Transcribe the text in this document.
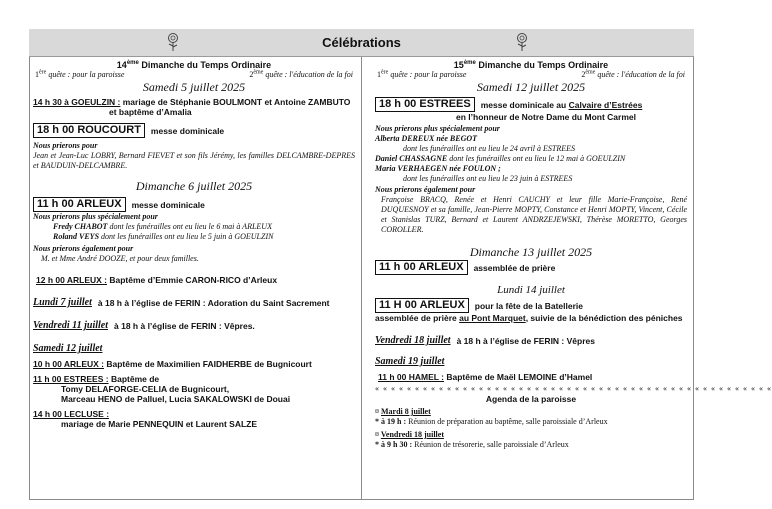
Célébrations
14ème Dimanche du Temps Ordinaire
1ère quête : pour la paroisse	2ème quête : l'éducation de la foi
Samedi 5 juillet 2025
14 h 30 à GOEULZIN : mariage de Stéphanie BOULMONT et Antoine ZAMBUTO
et baptême d’Amalia
18 h 00 ROUCOURT	messe dominicale
Nous prierons pour
Jean et Jean-Luc LOBRY, Bernard FIEVET et son fils Jérémy, les familles DELCAMBRE-DEPRES et BAUDUIN-DELCAMBRE.
Dimanche 6 juillet 2025
11 h 00 ARLEUX	messe dominicale
Nous prierons plus spécialement pour
Fredy CHABOT dont les funérailles ont eu lieu le 6 mai à ARLEUX
Roland VEYS dont les funérailles ont eu lieu le 5 juin à GOEULZIN
Nous prierons également pour
M. et Mme André DOOZE, et pour deux familles.
12 h 00 ARLEUX : Baptême d’Emmie CARON-RICO d’Arleux
Lundi 7 juillet à 18 h à l’église de FERIN : Adoration du Saint Sacrement
Vendredi 11 juillet à 18 h à l’église de FERIN : Vêpres.
Samedi 12 juillet
10 h 00 ARLEUX : Baptême de Maximilien FAIDHERBE de Bugnicourt
11 h 00 ESTREES : Baptême de
Tomy DELAFORGE-CELIA de Bugnicourt,
Marceau HENO de Palluel, Lucia SAKALOWSKI de Douai
14 h 00 LECLUSE :
mariage de Marie PENNEQUIN et Laurent SALZE
15ème Dimanche du Temps Ordinaire
1ère quête : pour la paroisse	2ème quête : l'éducation de la foi
Samedi 12 juillet 2025
18 h 00 ESTREES	messe dominicale au Calvaire d’Estrées
en l’honneur de Notre Dame du Mont Carmel
Nous prierons plus spécialement pour
Alberta DEREUX née BEGOT
dont les funérailles ont eu lieu le 24 avril à ESTREES
Daniel CHASSAGNE dont les funérailles ont eu lieu le 12 mai à GOEULZIN
Maria VERHAEGEN née FOULON ;
dont les funérailles ont eu lieu le 23 juin à ESTREES
Nous prierons également pour
Françoise BRACQ, Renée et Henri CAUCHY et leur fille Marie-Françoise, René DUQUESNOY et sa famille, Jean-Pierre MOPTY, Constance et Henri MOPTY, Vincent, Cécile et Stanislas TURZ, Bernard et Laurent ANDRZEJEWSKI, Thérèse MORETTO, Georges COROLLER.
Dimanche 13 juillet 2025
11 h 00 ARLEUX	assemblée de prière
Lundi 14 juillet
11 H 00 ARLEUX	pour la fête de la Batellerie
assemblée de prière au Pont Marquet, suivie de la bénédiction des péniches
Vendredi 18 juillet à 18 h à l’église de FERIN : Vêpres
Samedi 19 juillet
11 h 00 HAMEL : Baptême de Maël LEMOINE d’Hamel
« « « « « « « « « « « « « « « « « « « « « « « « « « « « « « « « « « « « « « « « « « « « « « « « « «
Agenda de la paroisse
¤ Mardi 8 juillet
* à 19 h : Réunion de préparation au baptême, salle paroissiale d’Arleux
¤ Vendredi 18 juillet
* à 9 h 30 : Réunion de trésorerie, salle paroissiale d’Arleux
